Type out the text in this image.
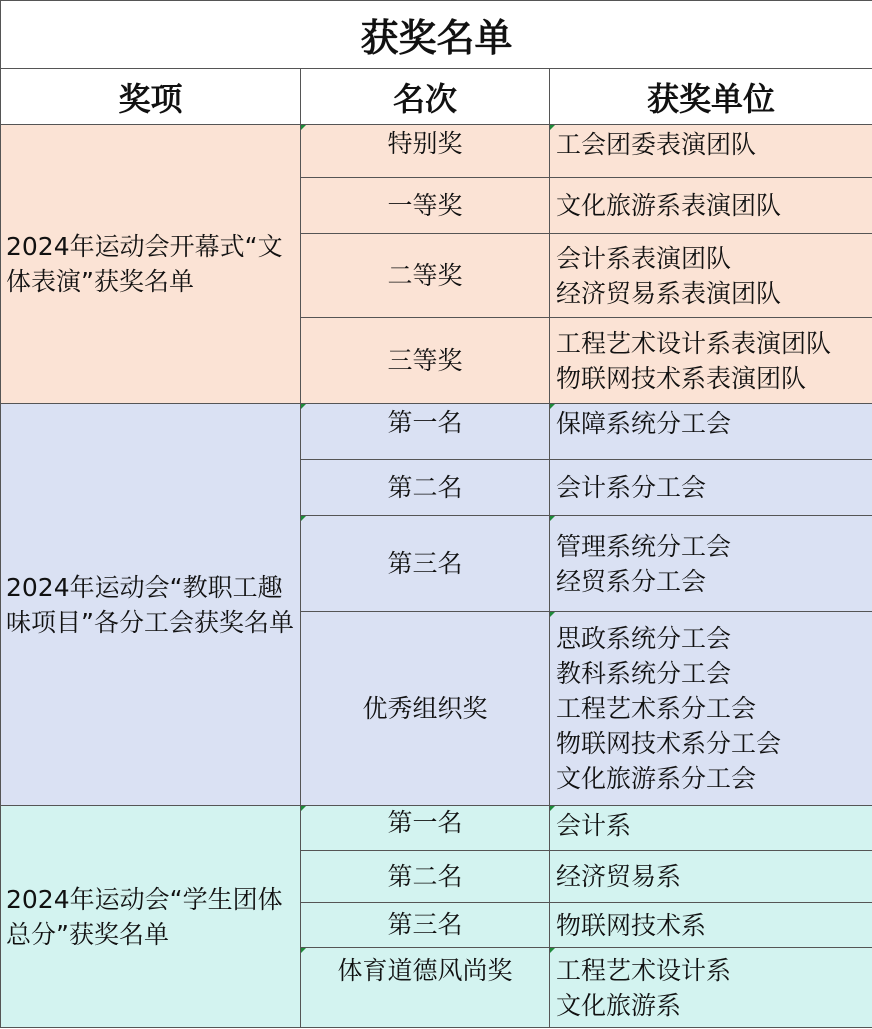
获奖名单		
奖项	名次	获奖单位
2024年运动会开幕式“文体表演”获奖名单	特别奖	工会团委表演团队

	一等奖	文化旅游系表演团队

	二等奖	会计系表演团队
经济贸易系表演团队

	三等奖	工程艺术设计系表演团队
物联网技术系表演团队

2024年运动会“教职工趣味项目”各分工会获奖名单	第一名	保障系统分工会

	第二名	会计系分工会

	第三名	管理系统分工会
经贸系分工会

	优秀组织奖	思政系统分工会
教科系统分工会
工程艺术系分工会
物联网技术系分工会
文化旅游系分工会

2024年运动会“学生团体总分”获奖名单	第一名	会计系

	第二名	经济贸易系

	第三名	物联网技术系

	体育道德风尚奖	工程艺术设计系
文化旅游系
